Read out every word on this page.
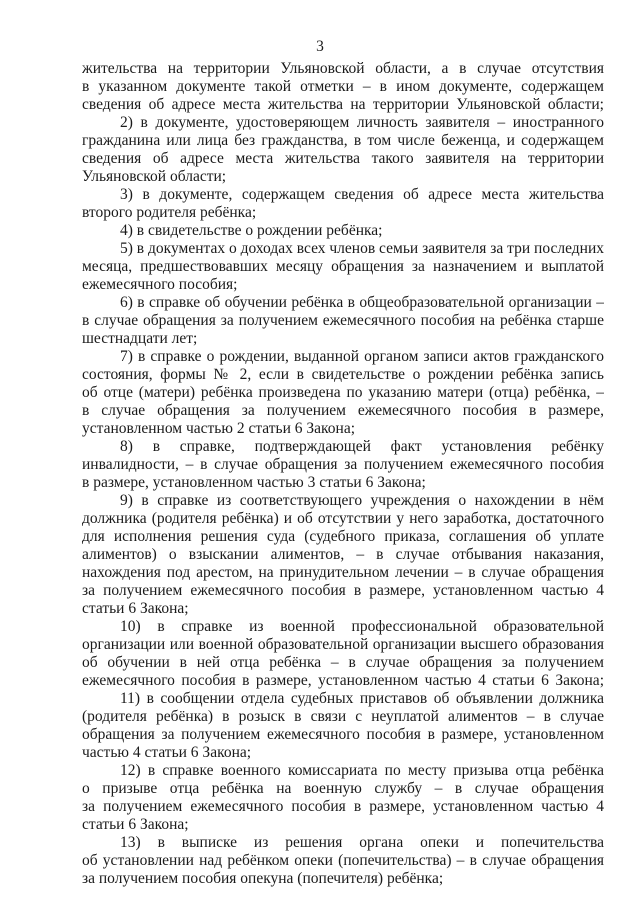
3
жительства на территории Ульяновской области, а в случае отсутствия
в указанном документе такой отметки – в ином документе, содержащем
сведения об адресе места жительства на территории Ульяновской области;
2) в документе, удостоверяющем личность заявителя – иностранного
гражданина или лица без гражданства, в том числе беженца, и содержащем
сведения об адресе места жительства такого заявителя на территории
Ульяновской области;
3) в документе, содержащем сведения об адресе места жительства
второго родителя ребёнка;
4) в свидетельстве о рождении ребёнка;
5) в документах о доходах всех членов семьи заявителя за три последних
месяца, предшествовавших месяцу обращения за назначением и выплатой
ежемесячного пособия;
6) в справке об обучении ребёнка в общеобразовательной организации –
в случае обращения за получением ежемесячного пособия на ребёнка старше
шестнадцати лет;
7) в справке о рождении, выданной органом записи актов гражданского
состояния, формы № 2, если в свидетельстве о рождении ребёнка запись
об отце (матери) ребёнка произведена по указанию матери (отца) ребёнка, –
в случае обращения за получением ежемесячного пособия в размере,
установленном частью 2 статьи 6 Закона;
8) в справке, подтверждающей факт установления ребёнку
инвалидности, – в случае обращения за получением ежемесячного пособия
в размере, установленном частью 3 статьи 6 Закона;
9) в справке из соответствующего учреждения о нахождении в нём
должника (родителя ребёнка) и об отсутствии у него заработка, достаточного
для исполнения решения суда (судебного приказа, соглашения об уплате
алиментов) о взыскании алиментов, – в случае отбывания наказания,
нахождения под арестом, на принудительном лечении – в случае обращения
за получением ежемесячного пособия в размере, установленном частью 4
статьи 6 Закона;
10) в справке из военной профессиональной образовательной
организации или военной образовательной организации высшего образования
об обучении в ней отца ребёнка – в случае обращения за получением
ежемесячного пособия в размере, установленном частью 4 статьи 6 Закона;
11) в сообщении отдела судебных приставов об объявлении должника
(родителя ребёнка) в розыск в связи с неуплатой алиментов – в случае
обращения за получением ежемесячного пособия в размере, установленном
частью 4 статьи 6 Закона;
12) в справке военного комиссариата по месту призыва отца ребёнка
о призыве отца ребёнка на военную службу – в случае обращения
за получением ежемесячного пособия в размере, установленном частью 4
статьи 6 Закона;
13) в выписке из решения органа опеки и попечительства
об установлении над ребёнком опеки (попечительства) – в случае обращения
за получением пособия опекуна (попечителя) ребёнка;
